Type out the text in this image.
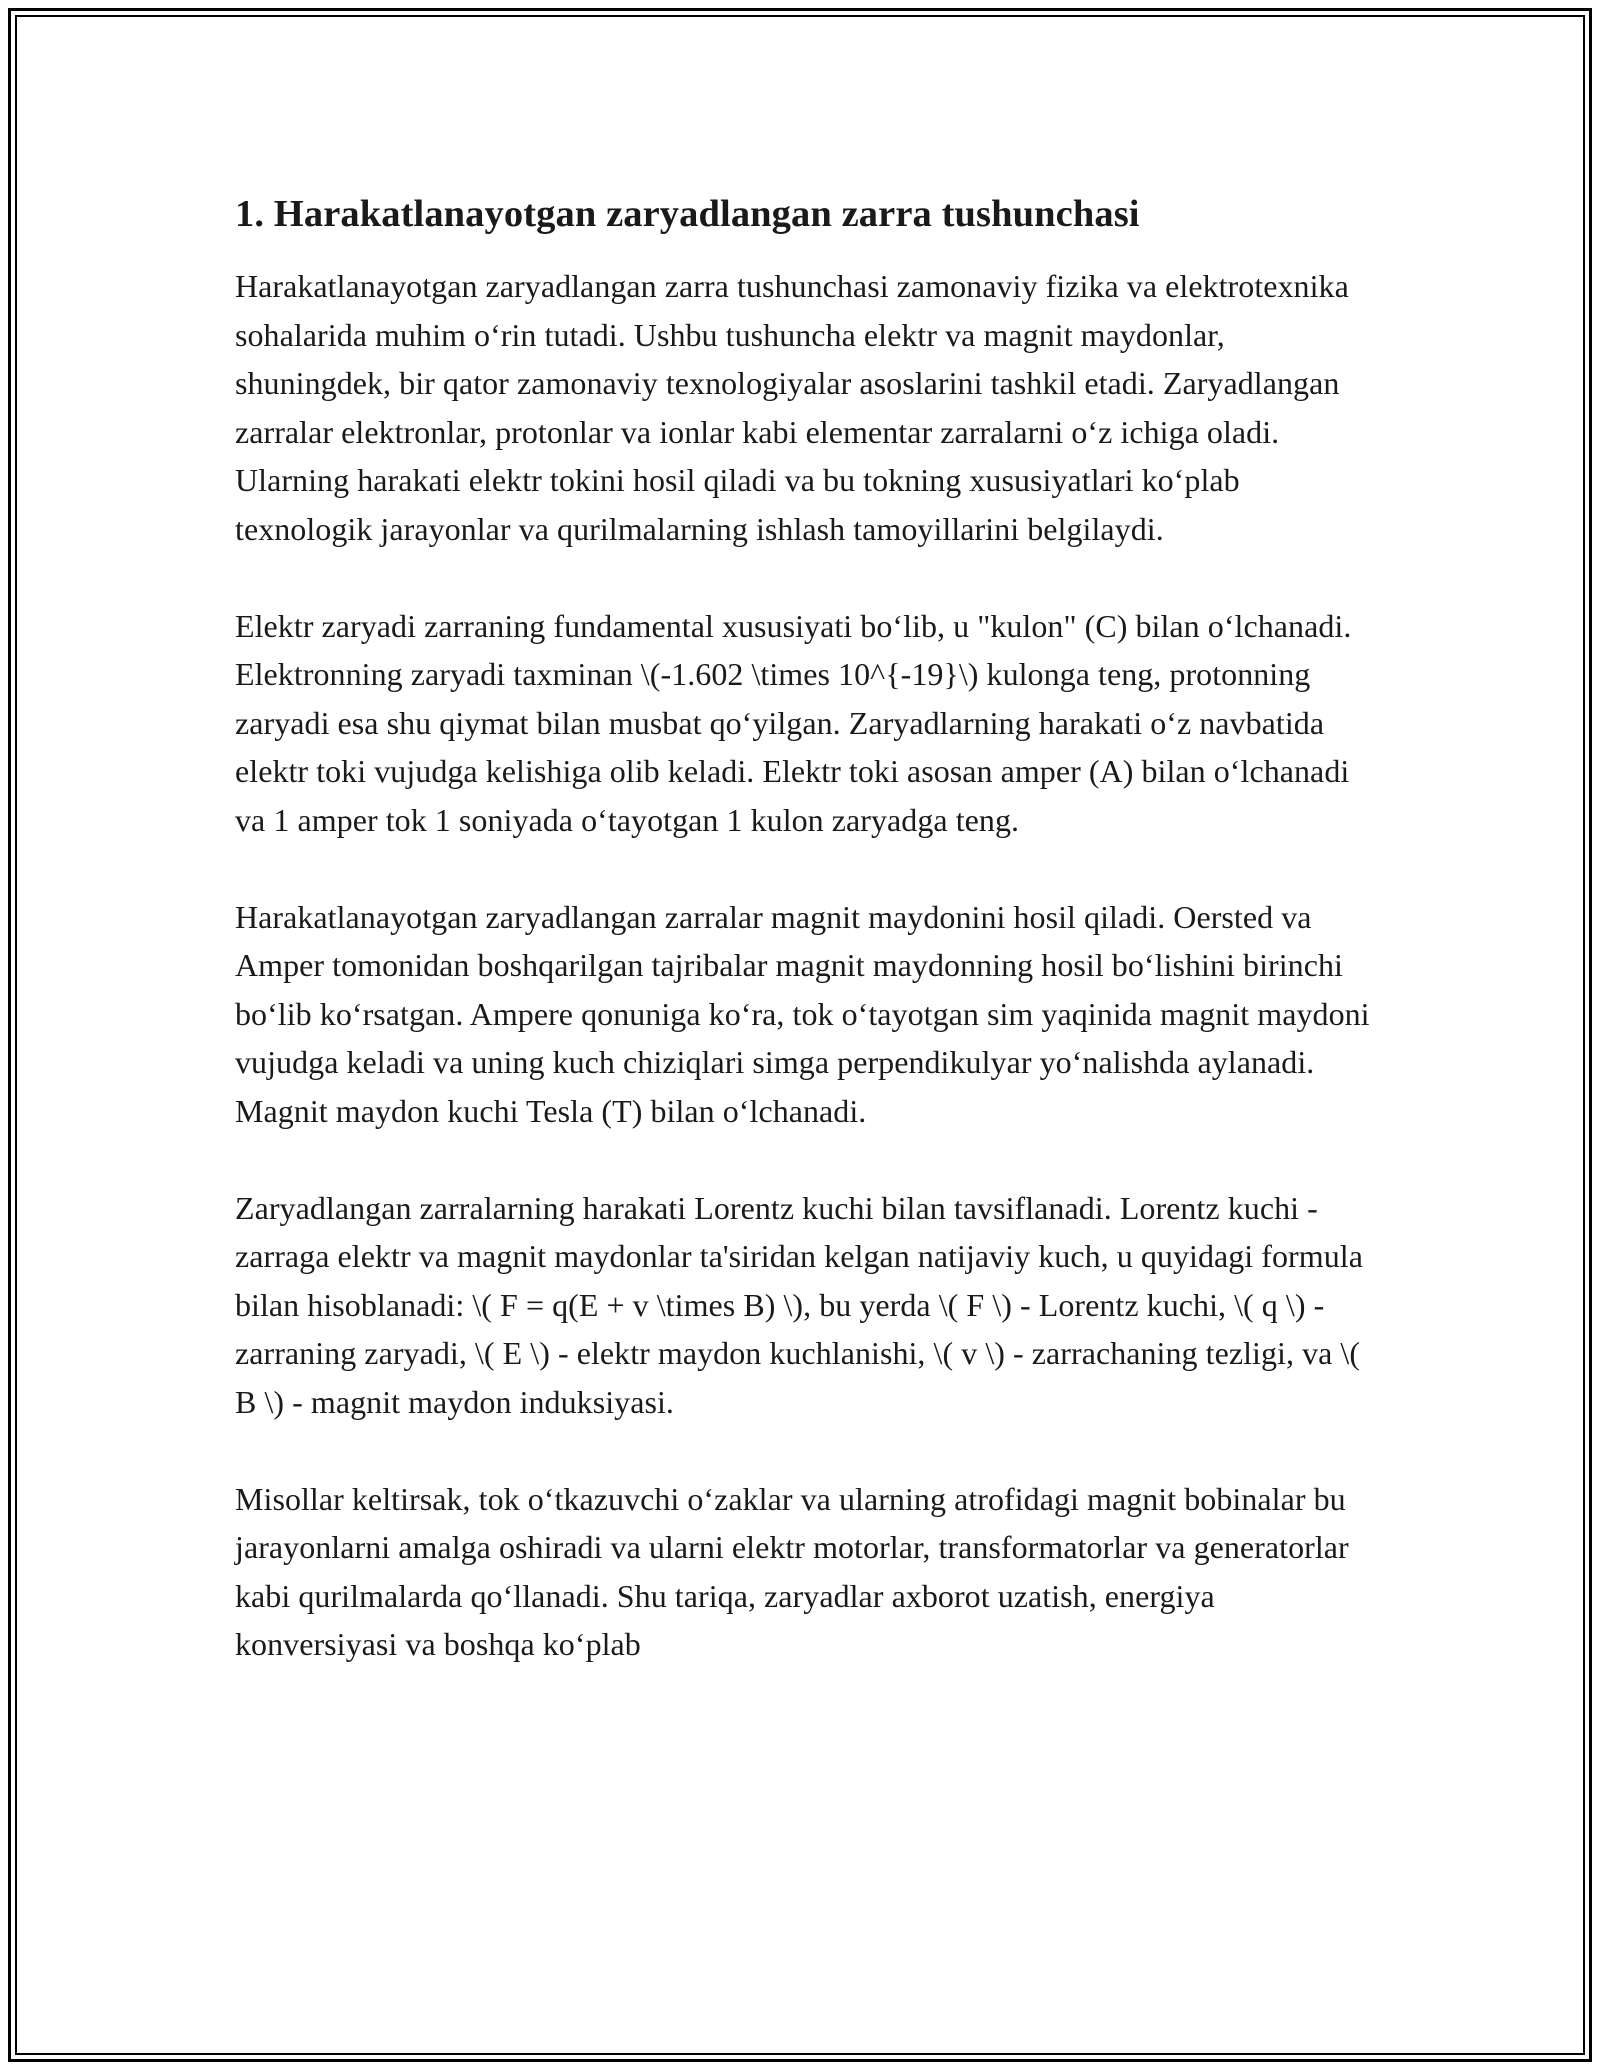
1. Harakatlanayotgan zaryadlangan zarra tushunchasi

Harakatlanayotgan zaryadlangan zarra tushunchasi zamonaviy fizika va elektrotexnika sohalarida muhim o‘rin tutadi. Ushbu tushuncha elektr va magnit maydonlar, shuningdek, bir qator zamonaviy texnologiyalar asoslarini tashkil etadi. Zaryadlangan zarralar elektronlar, protonlar va ionlar kabi elementar zarralarni o‘z ichiga oladi. Ularning harakati elektr tokini hosil qiladi va bu tokning xususiyatlari ko‘plab texnologik jarayonlar va qurilmalarning ishlash tamoyillarini belgilaydi.

Elektr zaryadi zarraning fundamental xususiyati bo‘lib, u "kulon" (C) bilan o‘lchanadi. Elektronning zaryadi taxminan \(-1.602 \times 10^{-19}\) kulonga teng, protonning zaryadi esa shu qiymat bilan musbat qo‘yilgan. Zaryadlarning harakati o‘z navbatida elektr toki vujudga kelishiga olib keladi. Elektr toki asosan amper (A) bilan o‘lchanadi va 1 amper tok 1 soniyada o‘tayotgan 1 kulon zaryadga teng.

Harakatlanayotgan zaryadlangan zarralar magnit maydonini hosil qiladi. Oersted va Amper tomonidan boshqarilgan tajribalar magnit maydonning hosil bo‘lishini birinchi bo‘lib ko‘rsatgan. Ampere qonuniga ko‘ra, tok o‘tayotgan sim yaqinida magnit maydoni vujudga keladi va uning kuch chiziqlari simga perpendikulyar yo‘nalishda aylanadi. Magnit maydon kuchi Tesla (T) bilan o‘lchanadi.

Zaryadlangan zarralarning harakati Lorentz kuchi bilan tavsiflanadi. Lorentz kuchi - zarraga elektr va magnit maydonlar ta'siridan kelgan natijaviy kuch, u quyidagi formula bilan hisoblanadi: \( F = q(E + v \times B) \), bu yerda \( F \) - Lorentz kuchi, \( q \) - zarraning zaryadi, \( E \) - elektr maydon kuchlanishi, \( v \) - zarrachaning tezligi, va \( B \) - magnit maydon induksiyasi.

Misollar keltirsak, tok o‘tkazuvchi o‘zaklar va ularning atrofidagi magnit bobinalar bu jarayonlarni amalga oshiradi va ularni elektr motorlar, transformatorlar va generatorlar kabi qurilmalarda qo‘llanadi. Shu tariqa, zaryadlar axborot uzatish, energiya konversiyasi va boshqa ko‘plab
